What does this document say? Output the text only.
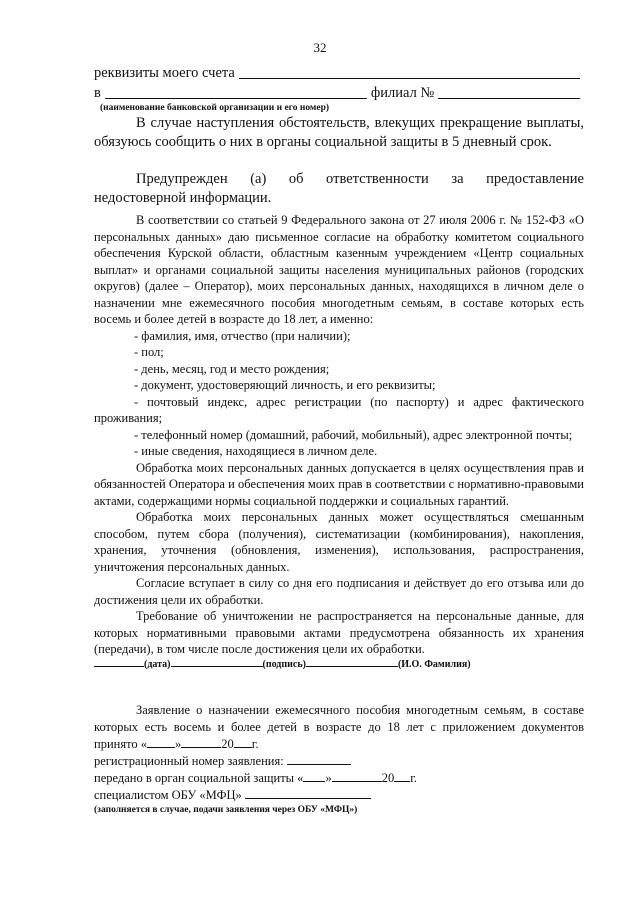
32
реквизиты моего счета
в	филиал №
(наименование банковской организации и его номер)
В случае наступления обстоятельств, влекущих прекращение выплаты, обязуюсь сообщить о них в органы социальной защиты в 5 дневный срок.
Предупрежден (а) об ответственности за предоставление недостоверной информации.

В соответствии со статьей 9 Федерального закона от 27 июля 2006 г. № 152-ФЗ «О персональных данных» даю письменное согласие на обработку комитетом социального обеспечения Курской области, областным казенным учреждением «Центр социальных выплат» и органами социальной защиты населения муниципальных районов (городских округов) (далее – Оператор), моих персональных данных, находящихся в личном деле о назначении мне ежемесячного пособия многодетным семьям, в составе которых есть восемь и более детей в возрасте до 18 лет, а именно:

- фамилия, имя, отчество (при наличии);

- пол;

- день, месяц, год и место рождения;

- документ, удостоверяющий личность, и его реквизиты;

- почтовый индекс, адрес регистрации (по паспорту) и адрес фактического проживания;

- телефонный номер (домашний, рабочий, мобильный), адрес электронной почты;

- иные сведения, находящиеся в личном деле.

Обработка моих персональных данных допускается в целях осуществления прав и обязанностей Оператора и обеспечения моих прав в соответствии с нормативно-правовыми актами, содержащими нормы социальной поддержки и социальных гарантий.

Обработка моих персональных данных может осуществляться смешанным способом, путем сбора (получения), систематизации (комбинирования), накопления, хранения, уточнения (обновления, изменения), использования, распространения, уничтожения персональных данных.

Согласие вступает в силу со дня его подписания и действует до его отзыва или до достижения цели их обработки.

Требование об уничтожении не распространяется на персональные данные, для которых нормативными правовыми актами предусмотрена обязанность их хранения (передачи), в том числе после достижения цели их обработки.

(дата)	(подпись)	(И.О. Фамилия)

Заявление о назначении ежемесячного пособия многодетным семьям, в составе которых есть восемь и более детей в возрасте до 18 лет с приложением документов принято « »	20 г.

регистрационный номер заявления:

передано в орган социальной защиты « »	20 г.

специалистом ОБУ «МФЦ»

(заполняется в случае, подачи заявления через ОБУ «МФЦ»)
